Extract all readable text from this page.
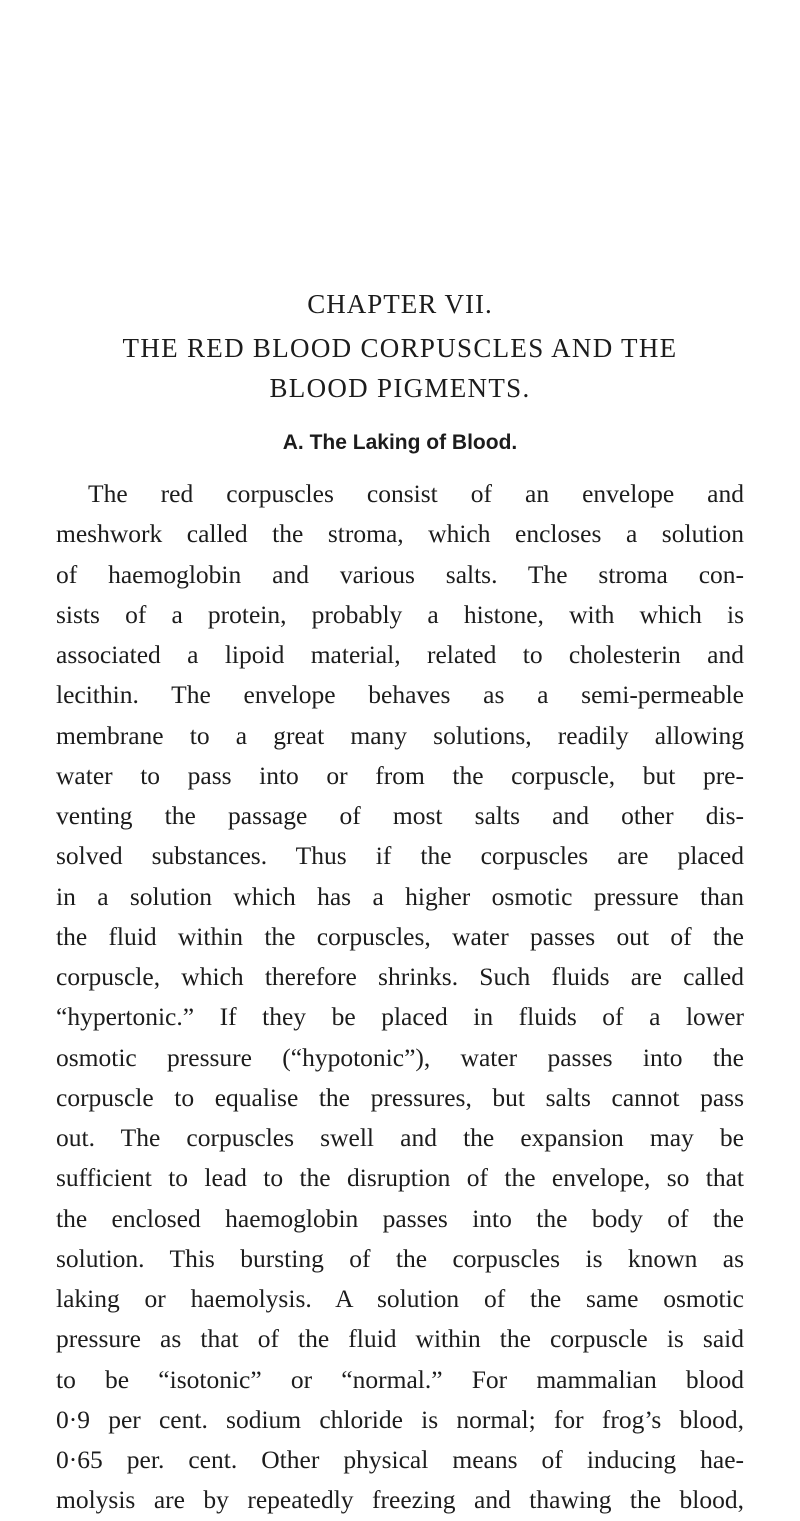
CHAPTER VII.
THE RED BLOOD CORPUSCLES AND THE
BLOOD PIGMENTS.
A. The Laking of Blood.
The red corpuscles consist of an envelope and
meshwork called the stroma, which encloses a solution
of haemoglobin and various salts. The stroma con-
sists of a protein, probably a histone, with which is
associated a lipoid material, related to cholesterin and
lecithin. The envelope behaves as a semi-permeable
membrane to a great many solutions, readily allowing
water to pass into or from the corpuscle, but pre-
venting the passage of most salts and other dis-
solved substances. Thus if the corpuscles are placed
in a solution which has a higher osmotic pressure than
the fluid within the corpuscles, water passes out of the
corpuscle, which therefore shrinks. Such fluids are called
“hypertonic.” If they be placed in fluids of a lower
osmotic pressure (“hypotonic”), water passes into the
corpuscle to equalise the pressures, but salts cannot pass
out. The corpuscles swell and the expansion may be
sufficient to lead to the disruption of the envelope, so that
the enclosed haemoglobin passes into the body of the
solution. This bursting of the corpuscles is known as
laking or haemolysis. A solution of the same osmotic
pressure as that of the fluid within the corpuscle is said
to be “isotonic” or “normal.” For mammalian blood
0·9 per cent. sodium chloride is normal; for frog’s blood,
0·65 per. cent. Other physical means of inducing hae-
molysis are by repeatedly freezing and thawing the blood,
